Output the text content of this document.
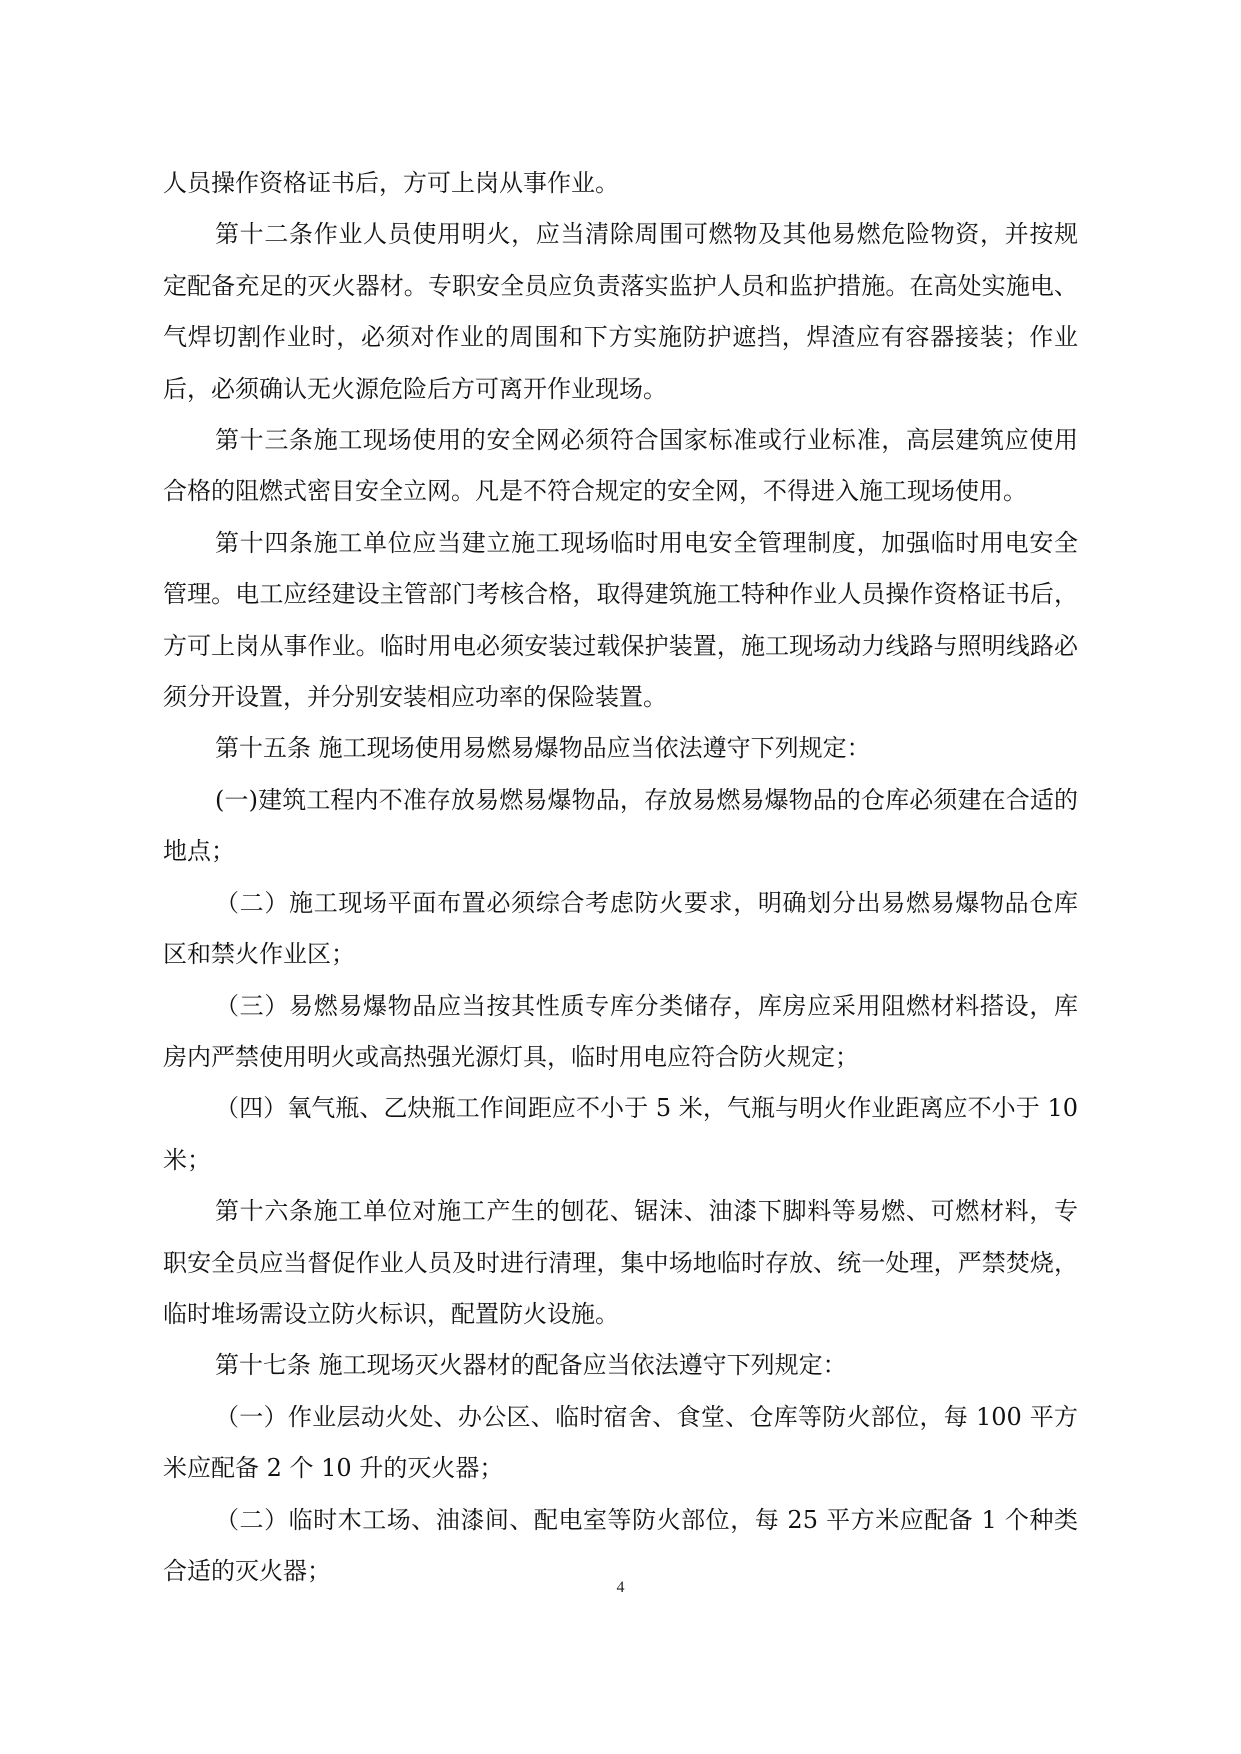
人员操作资格证书后，方可上岗从事作业。

第十二条作业人员使用明火，应当清除周围可燃物及其他易燃危险物资，并按规定配备充足的灭火器材。专职安全员应负责落实监护人员和监护措施。在高处实施电、气焊切割作业时，必须对作业的周围和下方实施防护遮挡，焊渣应有容器接装；作业后，必须确认无火源危险后方可离开作业现场。

第十三条施工现场使用的安全网必须符合国家标准或行业标准，高层建筑应使用合格的阻燃式密目安全立网。凡是不符合规定的安全网，不得进入施工现场使用。

第十四条施工单位应当建立施工现场临时用电安全管理制度，加强临时用电安全管理。电工应经建设主管部门考核合格，取得建筑施工特种作业人员操作资格证书后，方可上岗从事作业。临时用电必须安装过载保护装置，施工现场动力线路与照明线路必须分开设置，并分别安装相应功率的保险装置。

第十五条 施工现场使用易燃易爆物品应当依法遵守下列规定：

(一)建筑工程内不准存放易燃易爆物品，存放易燃易爆物品的仓库必须建在合适的地点；

（二）施工现场平面布置必须综合考虑防火要求，明确划分出易燃易爆物品仓库区和禁火作业区；

（三）易燃易爆物品应当按其性质专库分类储存，库房应采用阻燃材料搭设，库房内严禁使用明火或高热强光源灯具，临时用电应符合防火规定；

（四）氧气瓶、乙炔瓶工作间距应不小于 5 米，气瓶与明火作业距离应不小于 10 米；

第十六条施工单位对施工产生的刨花、锯沫、油漆下脚料等易燃、可燃材料，专职安全员应当督促作业人员及时进行清理，集中场地临时存放、统一处理，严禁焚烧，临时堆场需设立防火标识，配置防火设施。

第十七条 施工现场灭火器材的配备应当依法遵守下列规定：

（一）作业层动火处、办公区、临时宿舍、食堂、仓库等防火部位，每 100 平方米应配备 2 个 10 升的灭火器；

（二）临时木工场、油漆间、配电室等防火部位，每 25 平方米应配备 1 个种类合适的灭火器；

4
